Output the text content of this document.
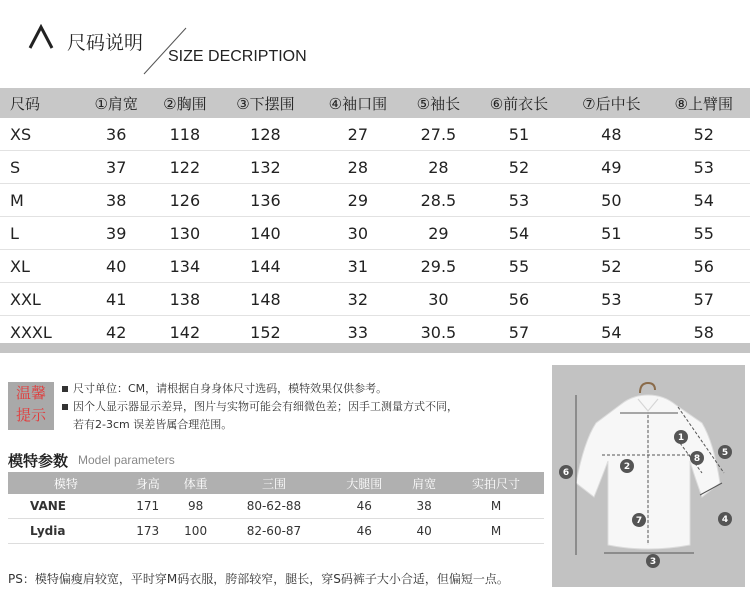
尺码说明
SIZE DECRIPTION
尺码	①肩宽	②胸围	③下摆围	④袖口围	⑤袖长	⑥前衣长	⑦后中长	⑧上臂围
XS	36	118	128	27	27.5	51	48	52
S	37	122	132	28	28	52	49	53
M	38	126	136	29	28.5	53	50	54
L	39	130	140	30	29	54	51	55
XL	40	134	144	31	29.5	55	52	56
XXL	41	138	148	32	30	56	53	57
XXXL	42	142	152	33	30.5	57	54	58
温馨
提示
尺寸单位：CM，请根据自身身体尺寸选码，模特效果仅供参考。
因个人显示器显示差异，图片与实物可能会有细微色差；因手工测量方式不同，
若有2-3cm 误差皆属合理范围。
模特参数 Model parameters
模特	身高	体重	三围	大腿围	肩宽	实拍尺寸
VANE	171	98	80-62-88	46	38	M
Lydia	173	100	82-60-87	46	40	M
PS：模特偏瘦肩较宽，平时穿M码衣服，胯部较窄，腿长，穿S码裤子大小合适，但偏短一点。
1
2
3
4
5
6
7
8
